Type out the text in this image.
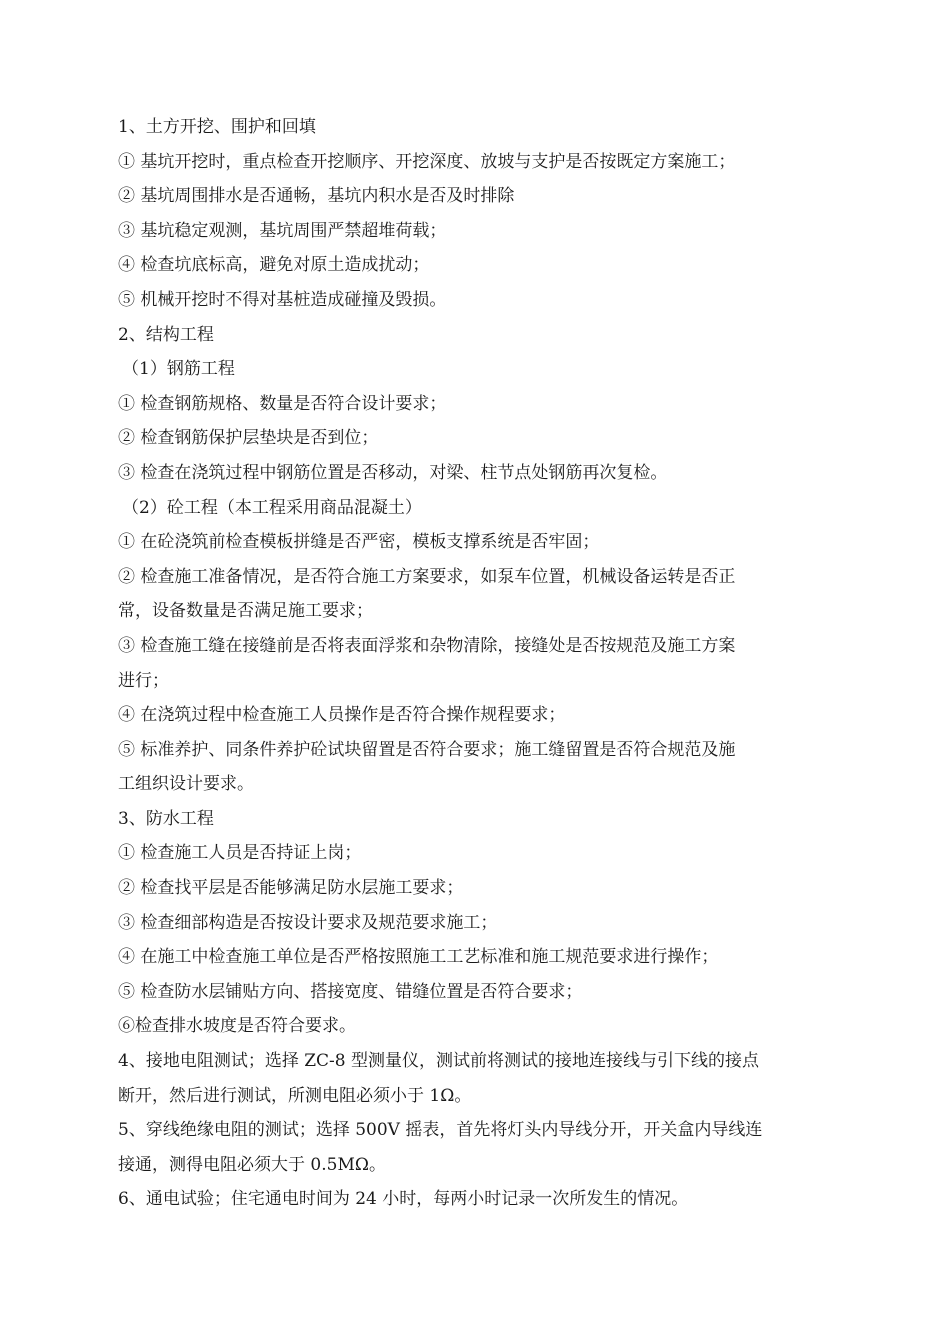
1、土方开挖、围护和回填
① 基坑开挖时，重点检查开挖顺序、开挖深度、放坡与支护是否按既定方案施工；
② 基坑周围排水是否通畅，基坑内积水是否及时排除
③ 基坑稳定观测，基坑周围严禁超堆荷载；
④ 检查坑底标高，避免对原土造成扰动；
⑤ 机械开挖时不得对基桩造成碰撞及毁损。
2、结构工程
（1）钢筋工程
① 检查钢筋规格、数量是否符合设计要求；
② 检查钢筋保护层垫块是否到位；
③ 检查在浇筑过程中钢筋位置是否移动，对梁、柱节点处钢筋再次复检。
（2）砼工程（本工程采用商品混凝土）
① 在砼浇筑前检查模板拼缝是否严密，模板支撑系统是否牢固；
② 检查施工准备情况，是否符合施工方案要求，如泵车位置，机械设备运转是否正
常，设备数量是否满足施工要求；
③ 检查施工缝在接缝前是否将表面浮浆和杂物清除，接缝处是否按规范及施工方案
进行；
④ 在浇筑过程中检查施工人员操作是否符合操作规程要求；
⑤ 标准养护、同条件养护砼试块留置是否符合要求；施工缝留置是否符合规范及施
工组织设计要求。
3、防水工程
① 检查施工人员是否持证上岗；
② 检查找平层是否能够满足防水层施工要求；
③ 检查细部构造是否按设计要求及规范要求施工；
④ 在施工中检查施工单位是否严格按照施工工艺标准和施工规范要求进行操作；
⑤ 检查防水层铺贴方向、搭接宽度、错缝位置是否符合要求；
⑥检查排水坡度是否符合要求。
4、接地电阻测试；选择 ZC-8 型测量仪，测试前将测试的接地连接线与引下线的接点
断开，然后进行测试，所测电阻必须小于 1Ω。
5、穿线绝缘电阻的测试；选择 500V 摇表，首先将灯头内导线分开，开关盒内导线连
接通，测得电阻必须大于 0.5MΩ。
6、通电试验；住宅通电时间为 24 小时，每两小时记录一次所发生的情况。
